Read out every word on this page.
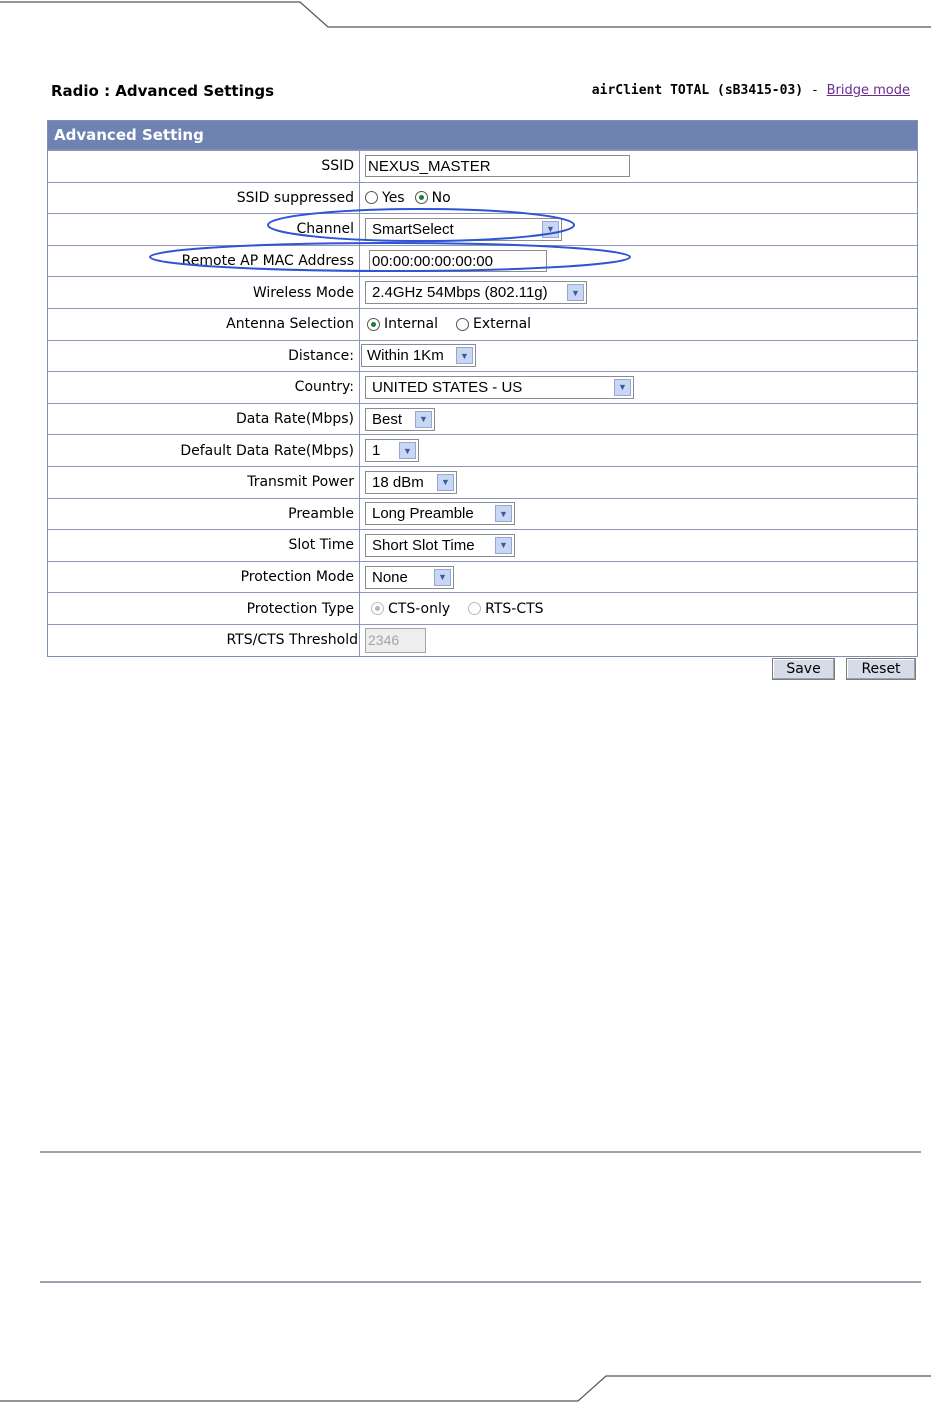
Radio : Advanced Settings	airClient TOTAL (sB3415-03) - Bridge mode
Advanced Setting
SSID NEXUS_MASTER
SSID suppressed	Yes No
Channel	SmartSelect	▼
Remote AP MAC Address	00:00:00:00:00:00
Wireless Mode	2.4GHz 54Mbps (802.11g)	▼
Antenna Selection	Internal	External
Distance: Within 1Km	▼
Country:	UNITED STATES - US	▼
Data Rate(Mbps)	Best	▼
Default Data Rate(Mbps)	1	▼
Transmit Power	18 dBm	▼
Preamble	Long Preamble	▼
Slot Time	Short Slot Time	▼
Protection Mode	None	▼
Protection Type	CTS-only	RTS-CTS
RTS/CTS Threshold 2346
Save	Reset
